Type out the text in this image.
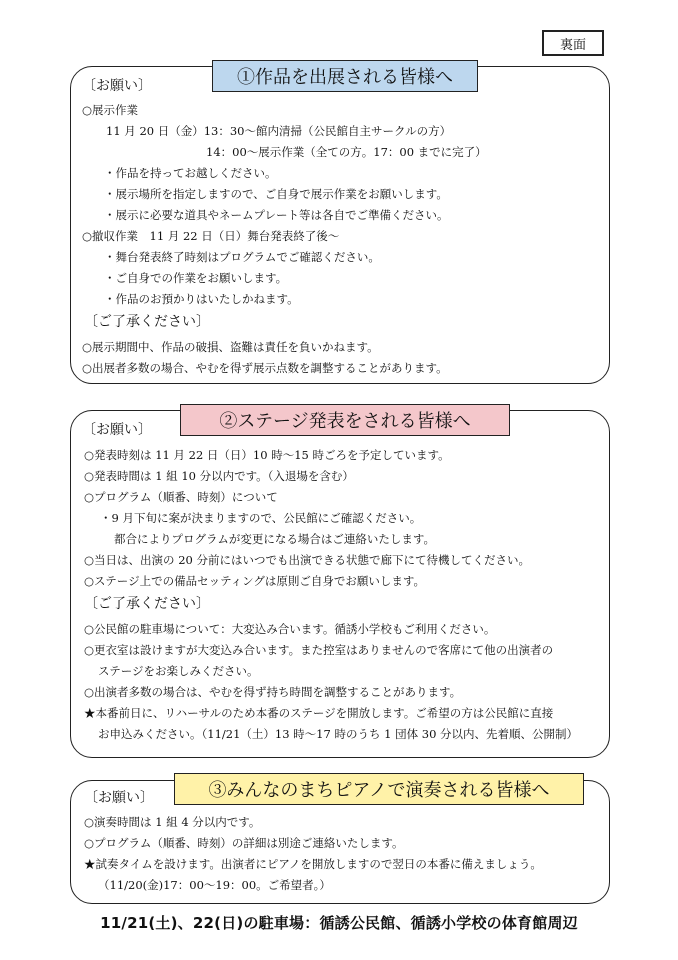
裏面
①作品を出展される皆様へ
〔お願い〕
○展示作業
11 月 20 日（金）13：30～館内清掃（公民館自主サークルの方）
14：00～展示作業（全ての方。17：00 までに完了）
・作品を持ってお越しください。
・展示場所を指定しますので、ご自身で展示作業をお願いします。
・展示に必要な道具やネームプレート等は各自でご準備ください。
○撤収作業　11 月 22 日（日）舞台発表終了後～
・舞台発表終了時刻はプログラムでご確認ください。
・ご自身での作業をお願いします。
・作品のお預かりはいたしかねます。
〔ご了承ください〕
○展示期間中、作品の破損、盗難は責任を負いかねます。
○出展者多数の場合、やむを得ず展示点数を調整することがあります。
②ステージ発表をされる皆様へ
〔お願い〕
○発表時刻は 11 月 22 日（日）10 時～15 時ごろを予定しています。
○発表時間は 1 組 10 分以内です。（入退場を含む）
○プログラム（順番、時刻）について
・9 月下旬に案が決まりますので、公民館にご確認ください。
都合によりプログラムが変更になる場合はご連絡いたします。
○当日は、出演の 20 分前にはいつでも出演できる状態で廊下にて待機してください。
○ステージ上での備品セッティングは原則ご自身でお願いします。
〔ご了承ください〕
○公民館の駐車場について：大変込み合います。循誘小学校もご利用ください。
○更衣室は設けますが大変込み合います。また控室はありませんので客席にて他の出演者の
ステージをお楽しみください。
○出演者多数の場合は、やむを得ず持ち時間を調整することがあります。
★本番前日に、リハーサルのため本番のステージを開放します。ご希望の方は公民館に直接
お申込みください。（11/21（土）13 時～17 時のうち 1 団体 30 分以内、先着順、公開制）
③みんなのまちピアノで演奏される皆様へ
〔お願い〕
○演奏時間は 1 組 4 分以内です。
○プログラム（順番、時刻）の詳細は別途ご連絡いたします。
★試奏タイムを設けます。出演者にピアノを開放しますので翌日の本番に備えましょう。
（11/20(金)17：00～19：00。ご希望者。）
11/21(土)、22(日)の駐車場：循誘公民館、循誘小学校の体育館周辺
